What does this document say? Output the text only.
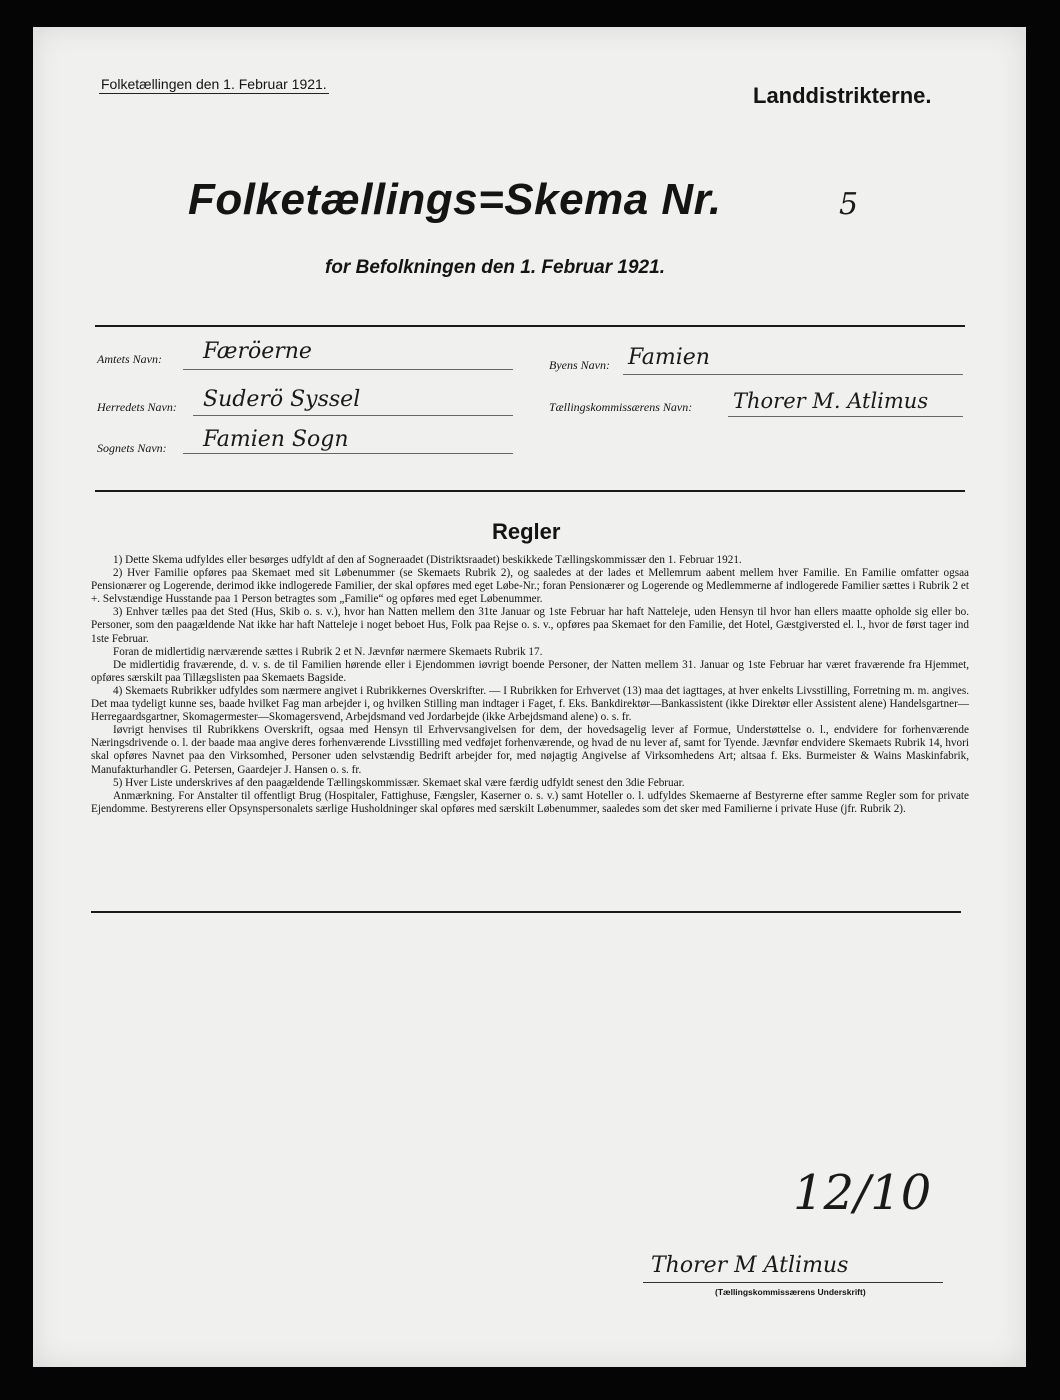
Folketællingen den 1. Februar 1921.	Landdistrikterne.
Folketællings=Skema Nr.	5
for Befolkningen den 1. Februar 1921.
Amtets Navn: Færöerne
Herredets Navn: Suderö Syssel
Sognets Navn: Famien Sogn
Byens Navn: Famien
Tællingskommissærens Navn: Thorer M. Atlimus
Regler

1) Dette Skema udfyldes eller besørges udfyldt af den af Sogneraadet (Distriktsraadet) beskikkede Tællingskommissær den 1. Februar 1921.

2) Hver Familie opføres paa Skemaet med sit Løbenummer (se Skemaets Rubrik 2), og saaledes at der lades et Mellemrum aabent mellem hver Familie. En Familie omfatter ogsaa Pensionærer og Logerende, derimod ikke indlogerede Familier, der skal opføres med eget Løbe-Nr.; foran Pensionærer og Logerende og Medlemmerne af indlogerede Familier sættes i Rubrik 2 et +. Selvstændige Husstande paa 1 Person betragtes som „Familie“ og opføres med eget Løbenummer.

3) Enhver tælles paa det Sted (Hus, Skib o. s. v.), hvor han Natten mellem den 31te Januar og 1ste Februar har haft Natteleje, uden Hensyn til hvor han ellers maatte opholde sig eller bo. Personer, som den paagældende Nat ikke har haft Natteleje i noget beboet Hus, Folk paa Rejse o. s. v., opføres paa Skemaet for den Familie, det Hotel, Gæstgiversted el. l., hvor de først tager ind 1ste Februar.

Foran de midlertidig nærværende sættes i Rubrik 2 et N. Jævnfør nærmere Skemaets Rubrik 17.

De midlertidig fraværende, d. v. s. de til Familien hørende eller i Ejendommen iøvrigt boende Personer, der Natten mellem 31. Januar og 1ste Februar har været fraværende fra Hjemmet, opføres særskilt paa Tillægslisten paa Skemaets Bagside.

4) Skemaets Rubrikker udfyldes som nærmere angivet i Rubrikkernes Overskrifter. — I Rubrikken for Erhvervet (13) maa det iagttages, at hver enkelts Livsstilling, Forretning m. m. angives. Det maa tydeligt kunne ses, baade hvilket Fag man arbejder i, og hvilken Stilling man indtager i Faget, f. Eks. Bankdirektør—Bankassistent (ikke Direktør eller Assistent alene) Handelsgartner—Herregaardsgartner, Skomagermester—Skomagersvend, Arbejdsmand ved Jordarbejde (ikke Arbejdsmand alene) o. s. fr.

Iøvrigt henvises til Rubrikkens Overskrift, ogsaa med Hensyn til Erhvervsangivelsen for dem, der hovedsagelig lever af Formue, Understøttelse o. l., endvidere for forhenværende Næringsdrivende o. l. der baade maa angive deres forhenværende Livsstilling med vedføjet forhenværende, og hvad de nu lever af, samt for Tyende. Jævnfør endvidere Skemaets Rubrik 14, hvori skal opføres Navnet paa den Virksomhed, Personer uden selvstændig Bedrift arbejder for, med nøjagtig Angivelse af Virksomhedens Art; altsaa f. Eks. Burmeister & Wains Maskinfabrik, Manufakturhandler G. Petersen, Gaardejer J. Hansen o. s. fr.

5) Hver Liste underskrives af den paagældende Tællingskommissær. Skemaet skal være færdig udfyldt senest den 3die Februar.

Anmærkning. For Anstalter til offentligt Brug (Hospitaler, Fattighuse, Fængsler, Kaserner o. s. v.) samt Hoteller o. l. udfyldes Skemaerne af Bestyrerne efter samme Regler som for private Ejendomme. Bestyrerens eller Opsynspersonalets særlige Husholdninger skal opføres med særskilt Løbenummer, saaledes som det sker med Familierne i private Huse (jfr. Rubrik 2).

12/10
Thorer M Atlimus
(Tællingskommissærens Underskrift)
